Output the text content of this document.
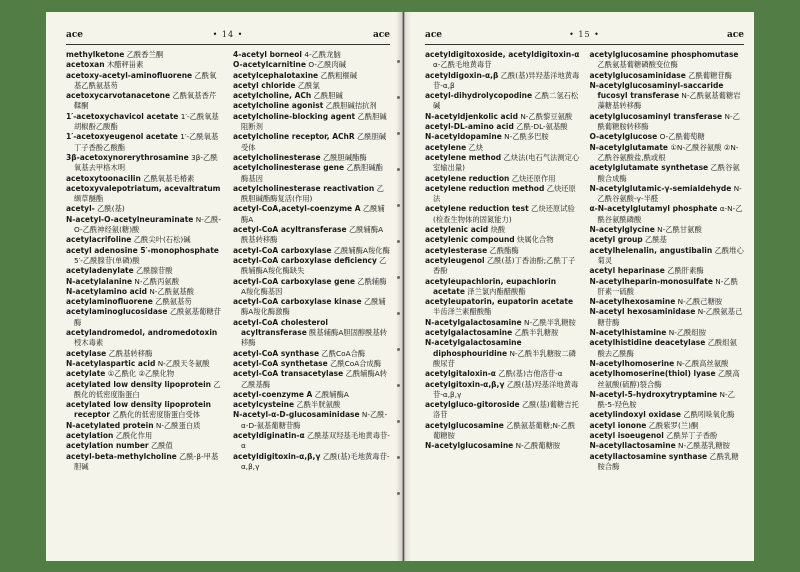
ace	• 14 •	ace

methylketone 乙酰香兰酮

acetoxan 木醋秤甾素

acetoxy-acetyl-aminofluorene 乙酰氧基乙酰氨基芴

acetoxycarvotanacetone 乙酰氧基香芹鞣酮

1′-acetoxychavicol acetate 1′-乙酰氧基胡椒酚乙酸酯

1′-acetoxyeugenol acetate 1′-乙酰氧基丁子香酚乙酸酯

3β-acetoxynorerythrosamine 3β-乙酰氧基去甲格木明

acetoxytoonacilin 乙酰氧基毛椿素

acetoxyvalepotriatum, acevaltratum 缬草醚酯

acetyl- 乙酰(基)

N-acetyl-O-acetylneuraminate N-乙酰-O-乙酰神经氨(糖)酸

acetylacrifoline 乙酰尖叶(石松)碱

acetyl adenosine 5′-monophosphate 5′-乙酰腺苷(单磷)酸

acetyladenylate 乙酰腺苷酸

N-acetylalanine N-乙酰丙氨酸

N-acetylamino acid N-乙酰氨基酸

acetylaminofluorene 乙酰氨基芴

acetylaminoglucosidase 乙酰氨基葡糖苷酶

acetylandromedol, andromedotoxin 梫木毒素

acetylase 乙酰基转移酶

N-acetylaspartic acid N-乙酰天冬氨酸

acetylate ①乙酰化 ②乙酰化物

acetylated low density lipoprotein 乙酰化的低密度脂蛋白

acetylated low density lipoprotein receptor 乙酰化的低密度脂蛋白受体

N-acetylated protein N-乙酰蛋白质

acetylation 乙酰化作用

acetylation number 乙酰值

acetyl-beta-methylcholine 乙酰-β-甲基胆碱

4-acetyl borneol 4-乙酰龙脑

O-acetylcarnitine O-乙酰肉碱

acetylcephalotaxine 乙酰粗榧碱

acetyl chloride 乙酰氯

acetylcholine, ACh 乙酰胆碱

acetylcholine agonist 乙酰胆碱拮抗剂

acetylcholine-blocking agent 乙酰胆碱阻断剂

acetylcholine receptor, AChR 乙酰胆碱受体

acetylcholinesterase 乙酰胆碱酯酶

acetylcholinesterase gene 乙酰胆碱酯酶基因

acetylcholinesterase reactivation 乙酰胆碱酯酶复活(作用)

acetyl-CoA,acetyl-coenzyme A 乙酰辅酶A

acetyl-CoA acyltransferase 乙酰辅酶A酰基转移酶

acetyl-CoA carboxylase 乙酰辅酶A羧化酶

acetyl-CoA carboxylase deficiency 乙酰辅酶A羧化酶缺失

acetyl-CoA carboxylase gene 乙酰辅酶A羧化酶基因

acetyl-CoA carboxylase kinase 乙酰辅酶A羧化酶激酶

acetyl-CoA cholesterol acyltransferase 酰基辅酶A胆固醇酰基转移酶

acetyl-CoA synthase 乙酰CoA合酶

acetyl-CoA synthetase 乙酰CoA合成酶

acetyl-CoA transacetylase 乙酰辅酶A转乙酰基酶

acetyl-coenzyme A 乙酰辅酶A

acetylcysteine 乙酰半胱氨酸

N-acetyl-α-D-glucosaminidase N-乙酰-α-D-氨基葡糖苷酶

acetyldiginatin-α 乙酰基双羟基毛地黄毒苷-α

acetyldigitoxin-α,β,γ 乙酰(基)毛地黄毒苷-α,β,γ

ace	• 15 •	ace

acetyldigitoxoside, acetyldigitoxin-α α-乙酰毛地黄毒苷

acetyldigoxin-α,β 乙酰(基)异羟基洋地黄毒苷-α,β

acetyl-dihydrolycopodine 乙酰二氢石松碱

N-acetyldjenkolic acid N-乙酰黎豆氨酸

acetyl-DL-amino acid 乙酰-DL-氨基酸

N-acetyldopamine N-乙酰多巴胺

acetylene 乙炔

acetylene method 乙炔法(电石气法测定心室输出量)

acetylene reduction 乙炔还原作用

acetylene reduction method 乙炔还原法

acetylene reduction test 乙炔还原试验(检查生物体的固氮能力)

acetylenic acid 炔酸

acetylenic compound 炔属化合物

acetylesterase 乙酰酯酶

acetyleugenol 乙酰(基)丁香油酚;乙酰丁子香酚

acetyleupachlorin, eupachlorin acetate 泽兰氯内酯醋酸酯

acetyleupatorin, eupatorin acetate 半齿泽兰素醋酸酯

N-acetylgalactosamine N-乙酰半乳糖胺

acetylgalactosamine 乙酰半乳糖胺

N-acetylgalactosamine diphosphouridine N-乙酰半乳糖胺二磷酸尿苷

acetylgitaloxin-α 乙酰(基)吉他洛苷-α

acetylgitoxin-α,β,γ 乙酰(基)羟基洋地黄毒苷-α,β,γ

acetylgluco-gitoroside 乙酰(基)葡糖吉托洛苷

acetylglucosamine 乙酰氨基葡糖;N-乙酰葡糖胺

N-acetylglucosamine N-乙酰葡糖胺

acetylglucosamine phosphomutase 乙酰氨基葡糖磷酸变位酶

acetylglucosaminidase 乙酰葡糖苷酶

N-acetylglucosaminyl-saccaride fucosyl transferase N-乙酰氨基葡糖岩藻糖基转移酶

acetylglucosaminyl transferase N-乙酰葡糖胺转移酶

O-acetylglucose O-乙酰葡萄糖

N-acetylglutamate ①N-乙酰谷氨酸 ②N-乙酰谷氨酸盐,酰或根

acetylglutamate synthetase 乙酰谷氨酸合成酶

N-acetylglutamic-γ-semialdehyde N-乙酰谷氨酸-γ-半醛

α-N-acetylglutamyl phosphate α-N-乙酰谷氨酰磷酸

N-acetylglycine N-乙酰甘氨酸

acetyl group 乙酰基

acetylhelenalin, angustibalin 乙酰堆心菊灵

acetyl heparinase 乙酰肝素酶

N-acetylheparin-monosulfate N-乙酰肝素一硫酸

N-acetylhexosamine N-乙酰己糖胺

N-acetyl hexosaminidase N-乙酰氨基己糖苷酶

N-acetylhistamine N-乙酰组胺

acetylhistidine deacetylase 乙酰组氨酸去乙酰酶

N-acetylhomoserine N-乙酰高丝氨酸

acetylhomoserine(thiol) lyase 乙酰高丝氨酸(硫醇)裂合酶

N-acetyl-5-hydroxytryptamine N-乙酰-5-羟色胺

acetylindoxyl oxidase 乙酰吲哚氧化酶

acetyl ionone 乙酰紫罗(兰)酮

acetyl isoeugenol 乙酰异丁子香酚

N-acetyllactosamine N-乙酰基乳糖胺

acetyllactosamine synthase 乙酰乳糖胺合酶
